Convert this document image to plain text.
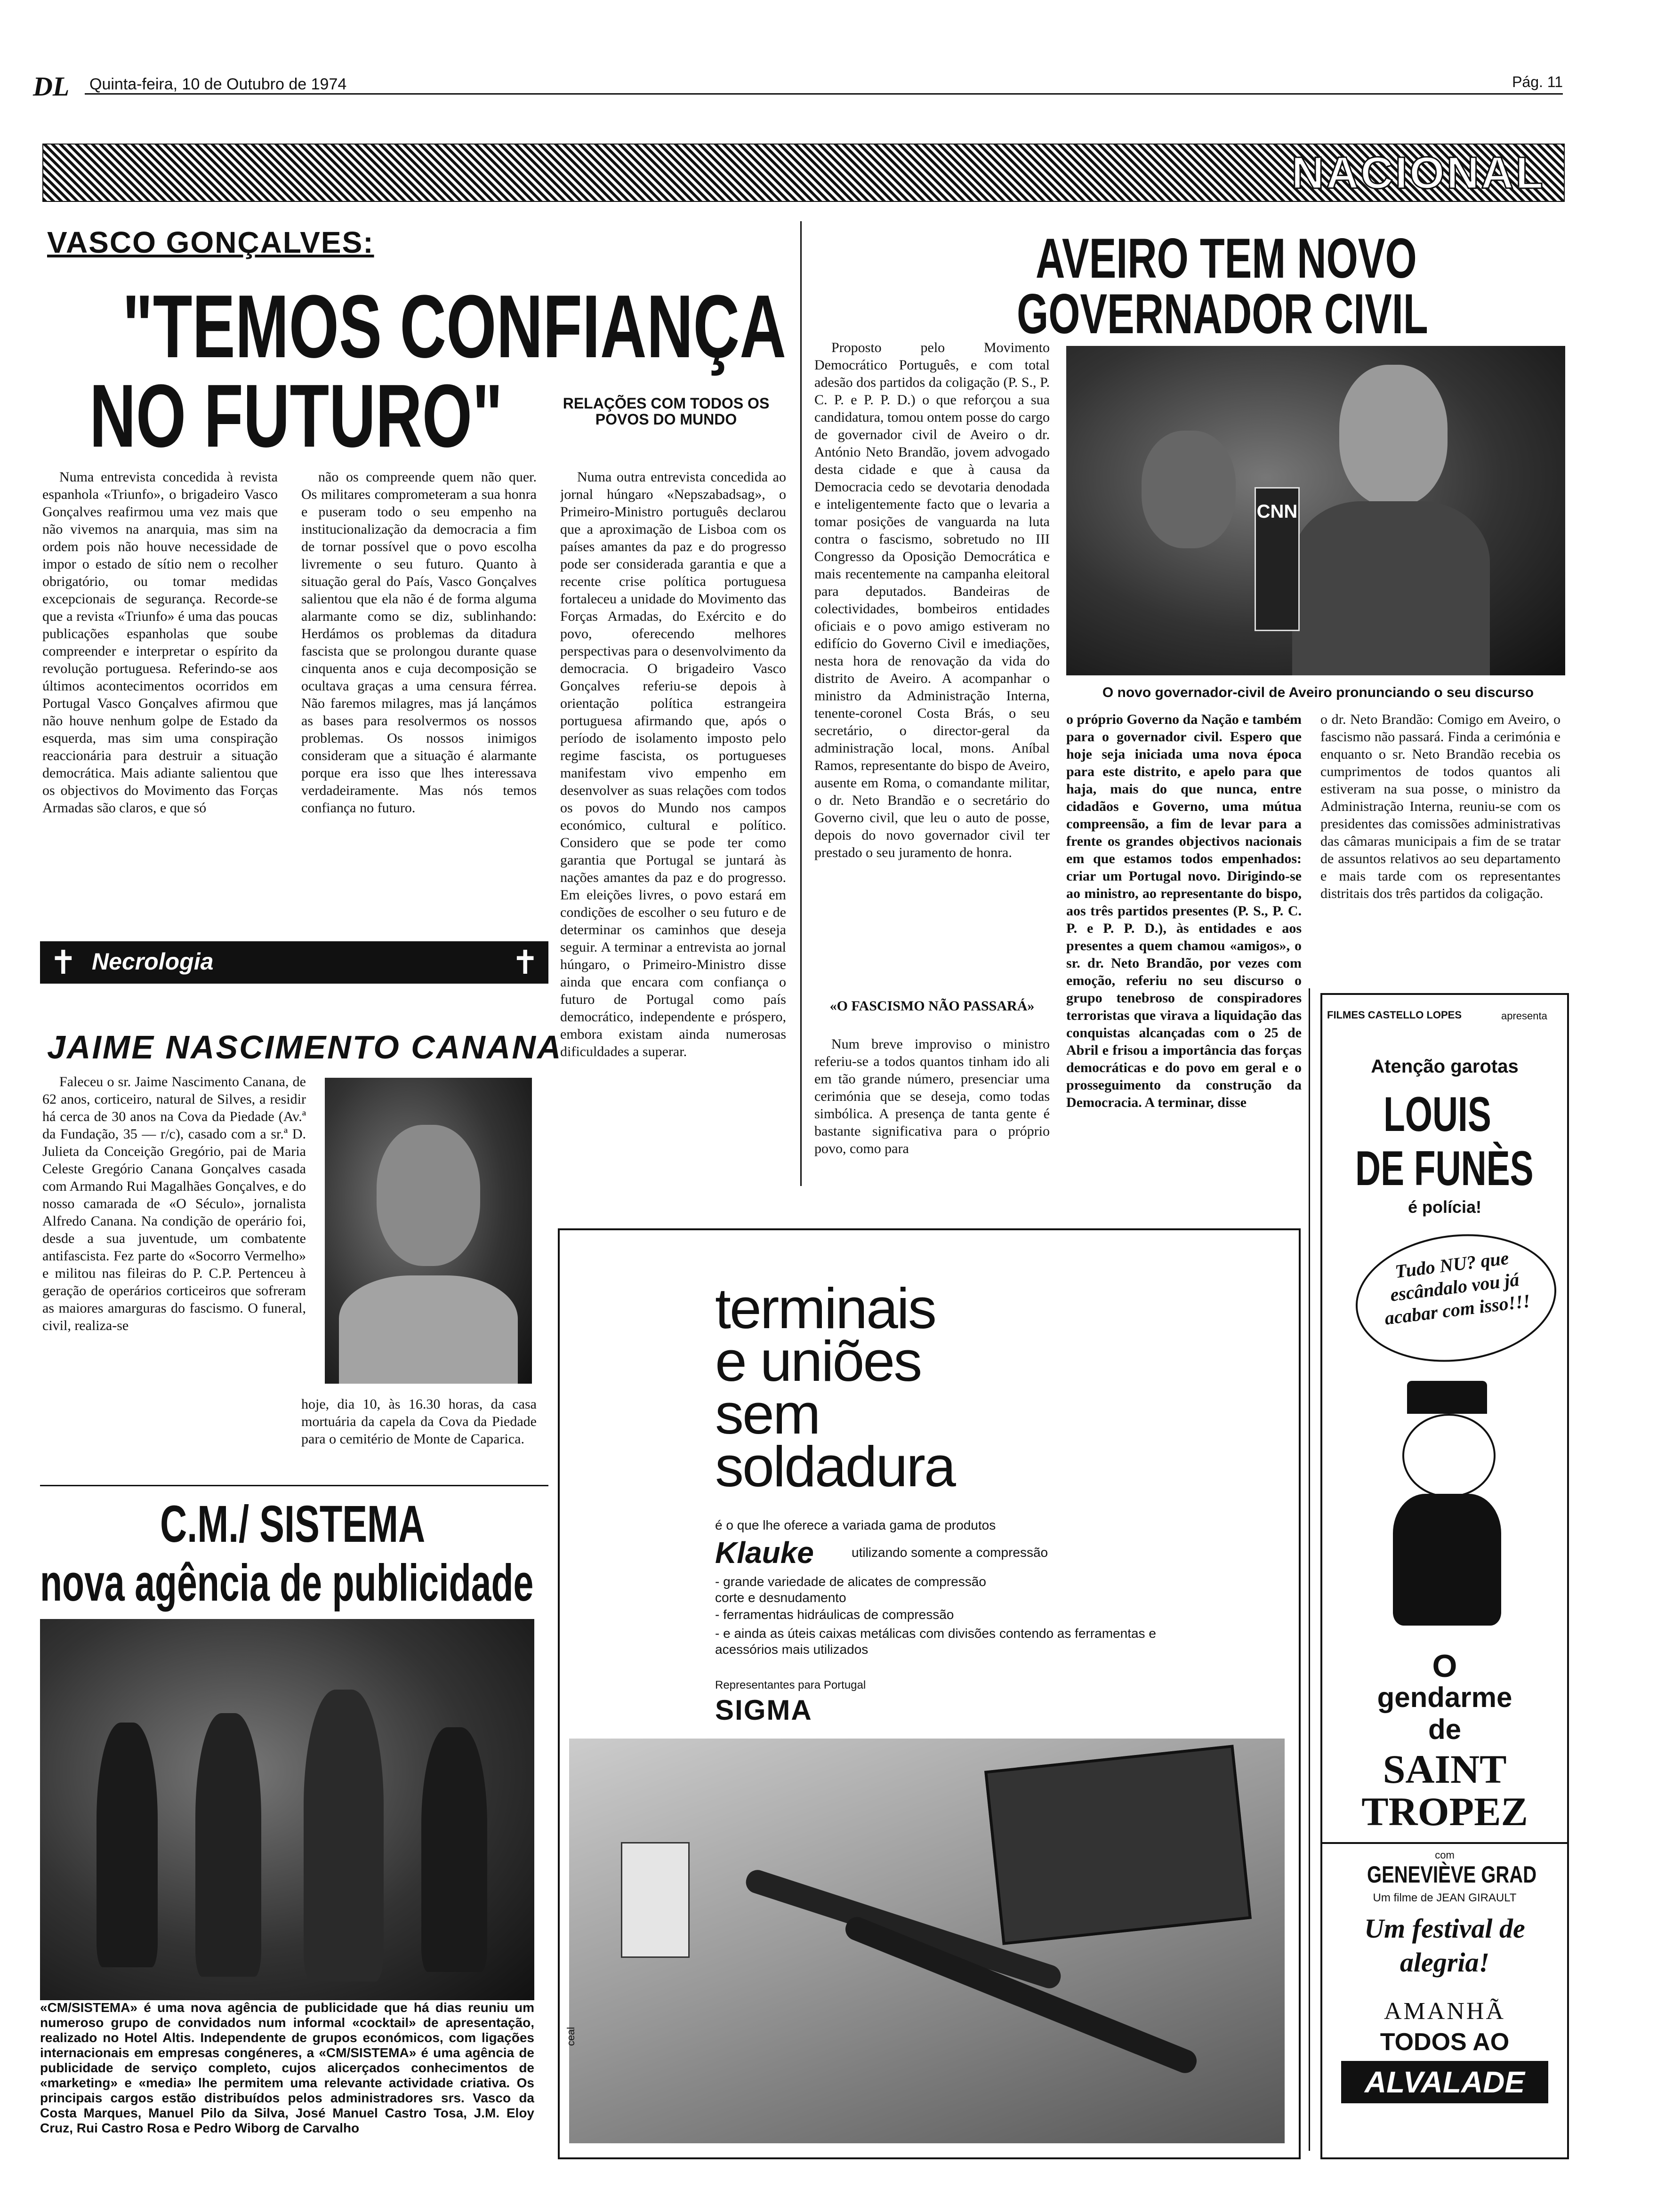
DL Quinta-feira, 10 de Outubro de 1974	Pág. 11
NACIONAL
VASCO GONÇALVES:
"TEMOS CONFIANÇA
NO FUTURO"	RELAÇÕES COM TODOS OS POVOS DO MUNDO

Numa entrevista concedida à revista espanhola «Triunfo», o brigadeiro Vasco Gonçalves reafirmou uma vez mais que não vivemos na anarquia, mas sim na ordem pois não houve necessidade de impor o estado de sítio nem o recolher obrigatório, ou tomar medidas excepcionais de segurança. Recorde-se que a revista «Triunfo» é uma das poucas publicações espanholas que soube compreender e interpretar o espírito da revolução portuguesa. Referindo-se aos últimos acontecimentos ocorridos em Portugal Vasco Gonçalves afirmou que não houve nenhum golpe de Estado da esquerda, mas sim uma conspiração reaccionária para destruir a situação democrática. Mais adiante salientou que os objectivos do Movimento das Forças Armadas são claros, e que só

não os compreende quem não quer. Os militares comprometeram a sua honra e puseram todo o seu empenho na institucionalização da democracia a fim de tornar possível que o povo escolha livremente o seu futuro. Quanto à situação geral do País, Vasco Gonçalves salientou que ela não é de forma alguma alarmante como se diz, sublinhando: Herdámos os problemas da ditadura fascista que se prolongou durante quase cinquenta anos e cuja decomposição se ocultava graças a uma censura férrea. Não faremos milagres, mas já lançámos as bases para resolvermos os nossos problemas. Os nossos inimigos consideram que a situação é alarmante porque era isso que lhes interessava verdadeiramente. Mas nós temos confiança no futuro.

Numa outra entrevista concedida ao jornal húngaro «Nepszabadsag», o Primeiro-Ministro português declarou que a aproximação de Lisboa com os países amantes da paz e do progresso pode ser considerada garantia e que a recente crise política portuguesa fortaleceu a unidade do Movimento das Forças Armadas, do Exército e do povo, oferecendo melhores perspectivas para o desenvolvimento da democracia. O brigadeiro Vasco Gonçalves referiu-se depois à orientação política estrangeira portuguesa afirmando que, após o período de isolamento imposto pelo regime fascista, os portugueses manifestam vivo empenho em desenvolver as suas relações com todos os povos do Mundo nos campos económico, cultural e político. Considero que se pode ter como garantia que Portugal se juntará às nações amantes da paz e do progresso. Em eleições livres, o povo estará em condições de escolher o seu futuro e de determinar os caminhos que deseja seguir. A terminar a entrevista ao jornal húngaro, o Primeiro-Ministro disse ainda que encara com confiança o futuro de Portugal como país democrático, independente e próspero, embora existam ainda numerosas dificuldades a superar.

✝ Necrologia	✝
JAIME NASCIMENTO CANANA

Faleceu o sr. Jaime Nascimento Canana, de 62 anos, corticeiro, natural de Silves, a residir há cerca de 30 anos na Cova da Piedade (Av.ª da Fundação, 35 — r/c), casado com a sr.ª D. Julieta da Conceição Gregório, pai de Maria Celeste Gregório Canana Gonçalves casada com Armando Rui Magalhães Gonçalves, e do nosso camarada de «O Século», jornalista Alfredo Canana. Na condição de operário foi, desde a sua juventude, um combatente antifascista. Fez parte do «Socorro Vermelho» e militou nas fileiras do P. C.P. Pertenceu à geração de operários corticeiros que sofreram as maiores amarguras do fascismo. O funeral, civil, realiza-se

hoje, dia 10, às 16.30 horas, da casa mortuária da capela da Cova da Piedade para o cemitério de Monte de Caparica.

C.M./ SISTEMA
nova agência de publicidade
«CM/SISTEMA» é uma nova agência de publicidade que há dias reuniu um numeroso grupo de convidados num informal «cocktail» de apresentação, realizado no Hotel Altis. Independente de grupos económicos, com ligações internacionais em empresas congéneres, a «CM/SISTEMA» é uma agência de publicidade de serviço completo, cujos alicerçados conhecimentos de «marketing» e «media» lhe permitem uma relevante actividade criativa. Os principais cargos estão distribuídos pelos administradores srs. Vasco da Costa Marques, Manuel Pilo da Silva, José Manuel Castro Tosa, J.M. Eloy Cruz, Rui Castro Rosa e Pedro Wiborg de Carvalho
AVEIRO TEM NOVO
GOVERNADOR CIVIL

Proposto pelo Movimento Democrático Português, e com total adesão dos partidos da coligação (P. S., P. C. P. e P. P. D.) o que reforçou a sua candidatura, tomou ontem posse do cargo de governador civil de Aveiro o dr. António Neto Brandão, jovem advogado desta cidade e que à causa da Democracia cedo se devotaria denodada e inteligentemente facto que o levaria a tomar posições de vanguarda na luta contra o fascismo, sobretudo no III Congresso da Oposição Democrática e mais recentemente na campanha eleitoral para deputados. Bandeiras de colectividades, bombeiros entidades oficiais e o povo amigo estiveram no edifício do Governo Civil e imediações, nesta hora de renovação da vida do distrito de Aveiro. A acompanhar o ministro da Administração Interna, tenente-coronel Costa Brás, o seu secretário, o director-geral da administração local, mons. Aníbal Ramos, representante do bispo de Aveiro, ausente em Roma, o comandante militar, o dr. Neto Brandão e o secretário do Governo civil, que leu o auto de posse, depois do novo governador civil ter prestado o seu juramento de honra.

«O FASCISMO NÃO PASSARÁ»

Num breve improviso o ministro referiu-se a todos quantos tinham ido ali em tão grande número, presenciar uma cerimónia que se deseja, como todas simbólica. A presença de tanta gente é bastante significativa para o próprio povo, como para

CNN
O novo governador-civil de Aveiro pronunciando o seu discurso

o próprio Governo da Nação e também para o governador civil. Espero que hoje seja iniciada uma nova época para este distrito, e apelo para que haja, mais do que nunca, entre cidadãos e Governo, uma mútua compreensão, a fim de levar para a frente os grandes objectivos nacionais em que estamos todos empenhados: criar um Portugal novo. Dirigindo-se ao ministro, ao representante do bispo, aos três partidos presentes (P. S., P. C. P. e P. P. D.), às entidades e aos presentes a quem chamou «amigos», o sr. dr. Neto Brandão, por vezes com emoção, referiu no seu discurso o grupo tenebroso de conspiradores terroristas que virava a liquidação das conquistas alcançadas com o 25 de Abril e frisou a importância das forças democráticas e do povo em geral e o prosseguimento da construção da Democracia. A terminar, disse

o dr. Neto Brandão: Comigo em Aveiro, o fascismo não passará. Finda a cerimónia e enquanto o sr. Neto Brandão recebia os cumprimentos de todos quantos ali estiveram na sua posse, o ministro da Administração Interna, reuniu-se com os presidentes das comissões administrativas das câmaras municipais a fim de se tratar de assuntos relativos ao seu departamento e mais tarde com os representantes distritais dos três partidos da coligação.

terminais
e uniões
sem
soldadura
é o que lhe oferece a variada gama de produtos
Klauke	utilizando somente a compressão
- grande variedade de alicates de compressão corte e desnudamento
- ferramentas hidráulicas de compressão
- e ainda as úteis caixas metálicas com divisões contendo as ferramentas e acessórios mais utilizados
Representantes para Portugal
SIGMA
ceal
FILMES CASTELLO LOPES	apresenta
Atenção garotas
LOUIS
DE FUNÈS
é polícia!
Tudo NU? que escândalo vou já acabar com isso!!!
O
gendarme
de
SAINT
TROPEZ
com
GENEVIÈVE GRAD
Um filme de JEAN GIRAULT
Um festival de
alegria!
AMANHÃ
TODOS AO
ALVALADE
